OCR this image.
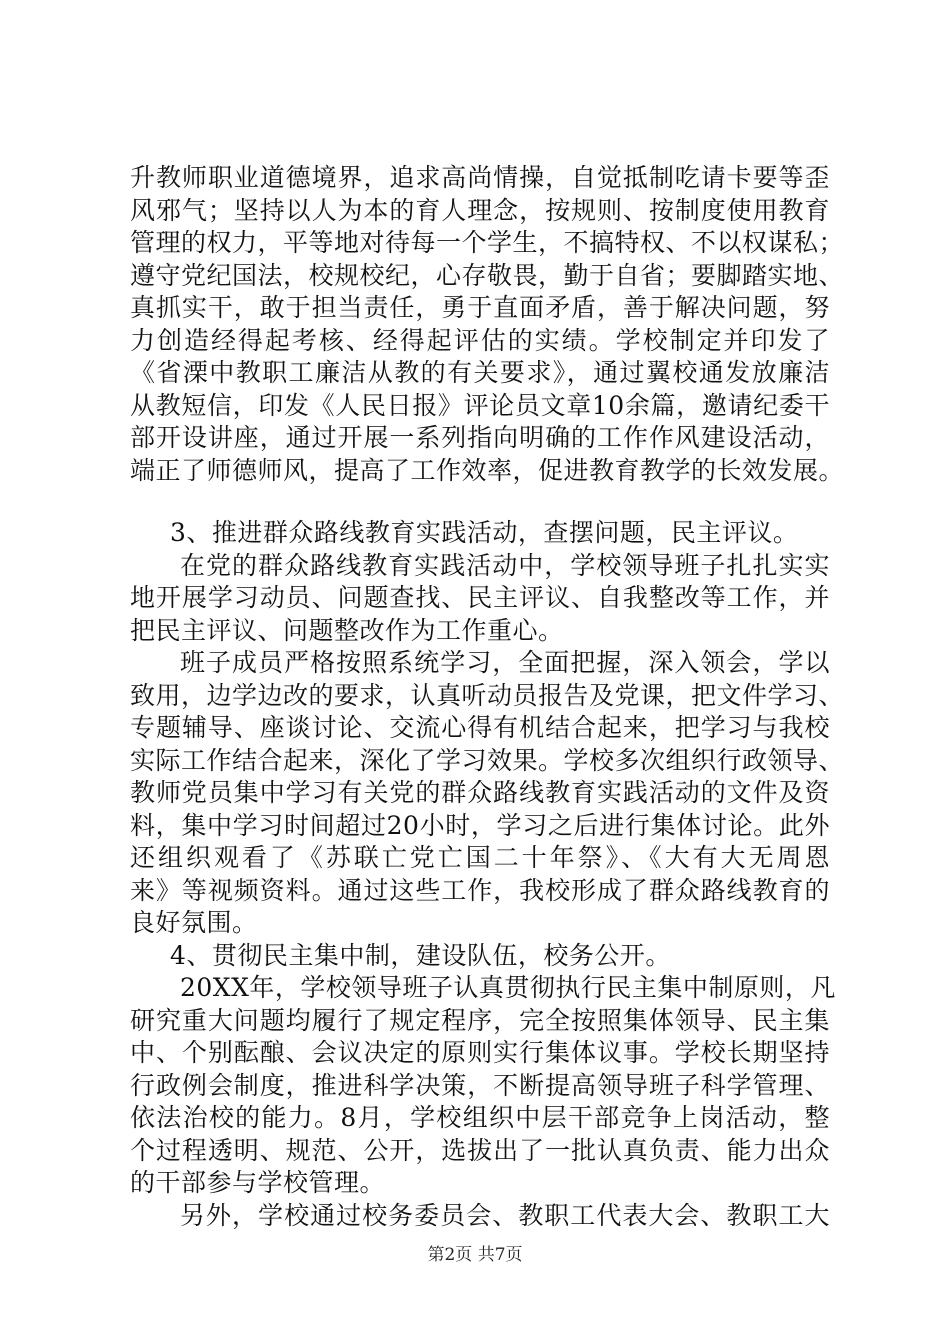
升教师职业道德境界，追求高尚情操，自觉抵制吃请卡要等歪
风邪气；坚持以人为本的育人理念，按规则、按制度使用教育
管理的权力，平等地对待每一个学生，不搞特权、不以权谋私；
遵守党纪国法，校规校纪，心存敬畏，勤于自省；要脚踏实地、
真抓实干，敢于担当责任，勇于直面矛盾，善于解决问题，努
力创造经得起考核、经得起评估的实绩。学校制定并印发了
《省溧中教职工廉洁从教的有关要求》，通过翼校通发放廉洁
从教短信，印发《人民日报》评论员文章10余篇，邀请纪委干
部开设讲座，通过开展一系列指向明确的工作作风建设活动，
端正了师德师风，提高了工作效率，促进教育教学的长效发展。
3、推进群众路线教育实践活动，查摆问题，民主评议。
在党的群众路线教育实践活动中，学校领导班子扎扎实实
地开展学习动员、问题查找、民主评议、自我整改等工作，并
把民主评议、问题整改作为工作重心。
班子成员严格按照系统学习，全面把握，深入领会，学以
致用，边学边改的要求，认真听动员报告及党课，把文件学习、
专题辅导、座谈讨论、交流心得有机结合起来，把学习与我校
实际工作结合起来，深化了学习效果。学校多次组织行政领导、
教师党员集中学习有关党的群众路线教育实践活动的文件及资
料，集中学习时间超过20小时，学习之后进行集体讨论。此外
还组织观看了《苏联亡党亡国二十年祭》、《大有大无周恩
来》等视频资料。通过这些工作，我校形成了群众路线教育的
良好氛围。
4、贯彻民主集中制，建设队伍，校务公开。
20XX年，学校领导班子认真贯彻执行民主集中制原则，凡
研究重大问题均履行了规定程序，完全按照集体领导、民主集
中、个别酝酿、会议决定的原则实行集体议事。学校长期坚持
行政例会制度，推进科学决策，不断提高领导班子科学管理、
依法治校的能力。8月，学校组织中层干部竞争上岗活动，整
个过程透明、规范、公开，选拔出了一批认真负责、能力出众
的干部参与学校管理。
另外，学校通过校务委员会、教职工代表大会、教职工大
第2页 共7页
